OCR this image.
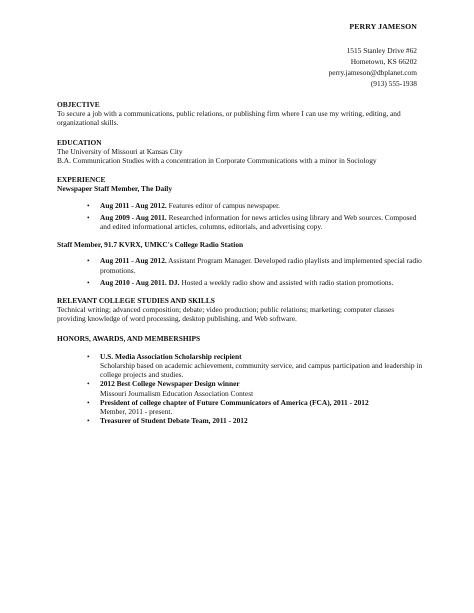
PERRY JAMESON
1515 Stanley Drive #62
Hometown, KS 66202
perry.jameson@dbplanet.com
(913) 555-1938
OBJECTIVE

To secure a job with a communications, public relations, or publishing firm where I can use my writing, editing, and organizational skills.

EDUCATION

The University of Missouri at Kansas City

B.A. Communication Studies with a concentration in Corporate Communications with a minor in Sociology

EXPERIENCE
Newspaper Staff Member, The Daily
• Aug 2011 - Aug 2012. Features editor of campus newspaper.
• Aug 2009 - Aug 2011. Researched information for news articles using library and Web sources. Composed and edited informational articles, columns, editorials, and advertising copy.
Staff Member, 91.7 KVRX, UMKC's College Radio Station
• Aug 2011 - Aug 2012. Assistant Program Manager. Developed radio playlists and implemented special radio promotions.
• Aug 2010 - Aug 2011. DJ. Hosted a weekly radio show and assisted with radio station promotions.
RELEVANT COLLEGE STUDIES AND SKILLS

Technical writing; advanced composition; debate; video production; public relations; marketing; computer classes providing knowledge of word processing, desktop publishing, and Web software.

HONORS, AWARDS, AND MEMBERSHIPS
• U.S. Media Association Scholarship recipient
Scholarship based on academic achievement, community service, and campus participation and leadership in college projects and studies.
• 2012 Best College Newspaper Design winner
Missouri Journalism Education Association Contest
• President of college chapter of Future Communicators of America (FCA), 2011 - 2012
Member, 2011 - present.
• Treasurer of Student Debate Team, 2011 - 2012
